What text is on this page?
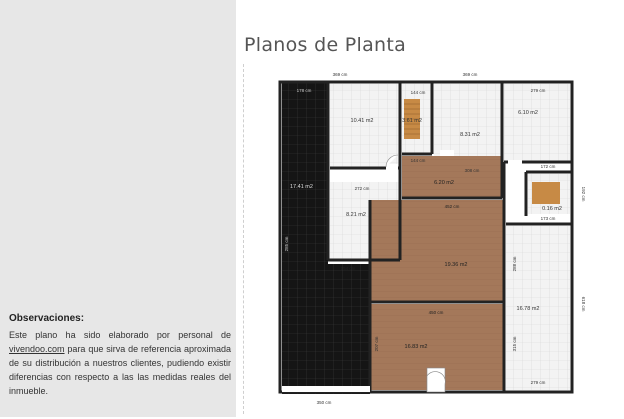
Observaciones:
Este plano ha sido elaborado por personal de vivendoo.com para que sirva de referencia aproximada de su distribución a nuestros clientes, pudiendo existir diferencias con respecto a las las medidas reales del inmueble.
Planos de Planta
10.41 m2	3.61 m2
8.31 m2
6.10 m2
17.41 m2
6.20 m2
8.21 m2
19.36 m2
0.16 m2
16.78 m2
16.83 m2
369 cm	369 cm
279 cm
178 cm	144 cm
144 cm
308 cm
272 cm
452 cm
172 cm
173 cm
154 cm
450 cm
279 cm
350 cm
618 cm
192 cm
288 cm
315 cm
207 cm
285 cm
